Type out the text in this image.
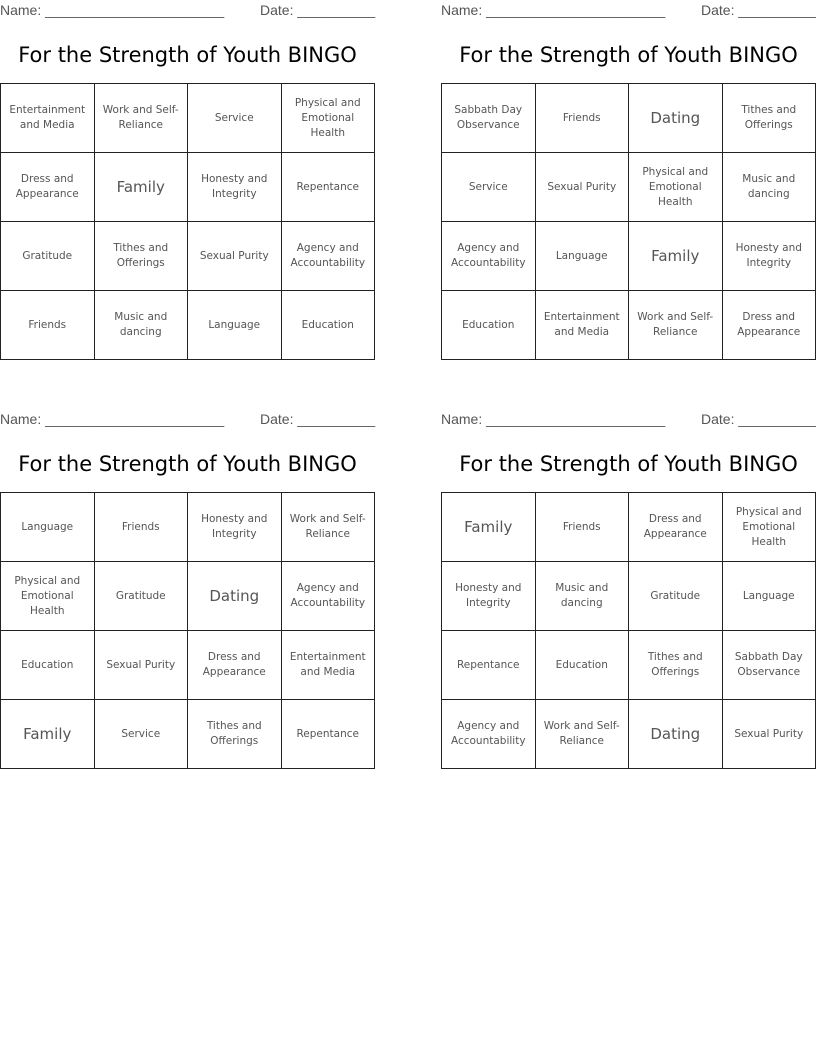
Name: _______________________	Date: __________
For the Strength of Youth BINGO
Entertainment and Media	Work and Self-Reliance	Service	Physical and Emotional Health
Dress and Appearance	Family	Honesty and Integrity	Repentance
Gratitude	Tithes and Offerings	Sexual Purity	Agency and Accountability
Friends	Music and dancing	Language	Education
Name: _______________________	Date: __________
For the Strength of Youth BINGO
Sabbath Day Observance	Friends	Dating	Tithes and Offerings
Service	Sexual Purity	Physical and Emotional Health	Music and dancing
Agency and Accountability	Language	Family	Honesty and Integrity
Education	Entertainment and Media	Work and Self-Reliance	Dress and Appearance
Name: _______________________	Date: __________
For the Strength of Youth BINGO
Language	Friends	Honesty and Integrity	Work and Self-Reliance
Physical and Emotional Health	Gratitude	Dating	Agency and Accountability
Education	Sexual Purity	Dress and Appearance	Entertainment and Media
Family	Service	Tithes and Offerings	Repentance
Name: _______________________	Date: __________
For the Strength of Youth BINGO
Family	Friends	Dress and Appearance	Physical and Emotional Health
Honesty and Integrity	Music and dancing	Gratitude	Language
Repentance	Education	Tithes and Offerings	Sabbath Day Observance
Agency and Accountability	Work and Self-Reliance	Dating	Sexual Purity
